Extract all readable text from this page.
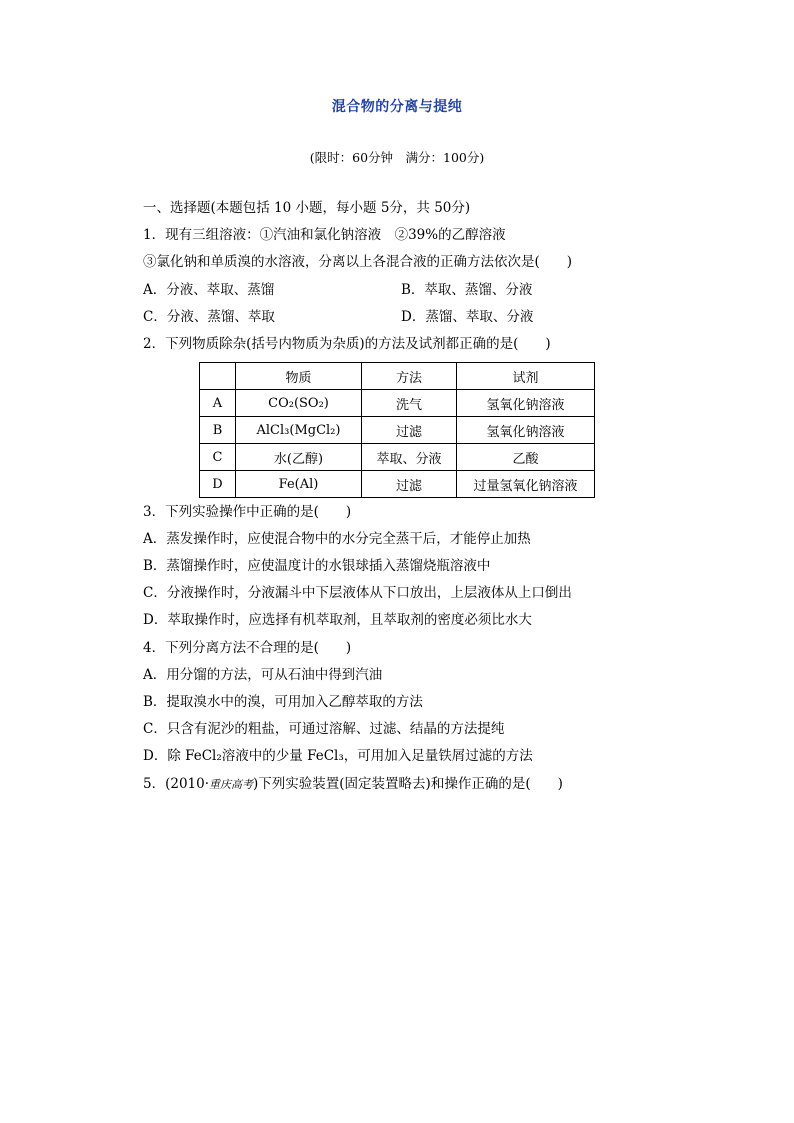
混合物的分离与提纯
(限时：60分钟　满分：100分)
一、选择题(本题包括 10 小题，每小题 5分，共 50分)
1．现有三组溶液：①汽油和氯化钠溶液　②39%的乙醇溶液
③氯化钠和单质溴的水溶液，分离以上各混合液的正确方法依次是(　　)
A．分液、萃取、蒸馏	B．萃取、蒸馏、分液
C．分液、蒸馏、萃取	D．蒸馏、萃取、分液
2．下列物质除杂(括号内物质为杂质)的方法及试剂都正确的是(　　)
	物质	方法	试剂
A	CO₂(SO₂)	洗气	氢氧化钠溶液
B	AlCl₃(MgCl₂)	过滤	氢氧化钠溶液
C	水(乙醇)	萃取、分液	乙酸
D	Fe(Al)	过滤	过量氢氧化钠溶液
3．下列实验操作中正确的是(　　)
A．蒸发操作时，应使混合物中的水分完全蒸干后，才能停止加热
B．蒸馏操作时，应使温度计的水银球插入蒸馏烧瓶溶液中
C．分液操作时，分液漏斗中下层液体从下口放出，上层液体从上口倒出
D．萃取操作时，应选择有机萃取剂，且萃取剂的密度必须比水大
4．下列分离方法不合理的是(　　)
A．用分馏的方法，可从石油中得到汽油
B．提取溴水中的溴，可用加入乙醇萃取的方法
C．只含有泥沙的粗盐，可通过溶解、过滤、结晶的方法提纯
D．除 FeCl₂溶液中的少量 FeCl₃，可用加入足量铁屑过滤的方法
5．(2010·重庆高考)下列实验装置(固定装置略去)和操作正确的是(　　)
